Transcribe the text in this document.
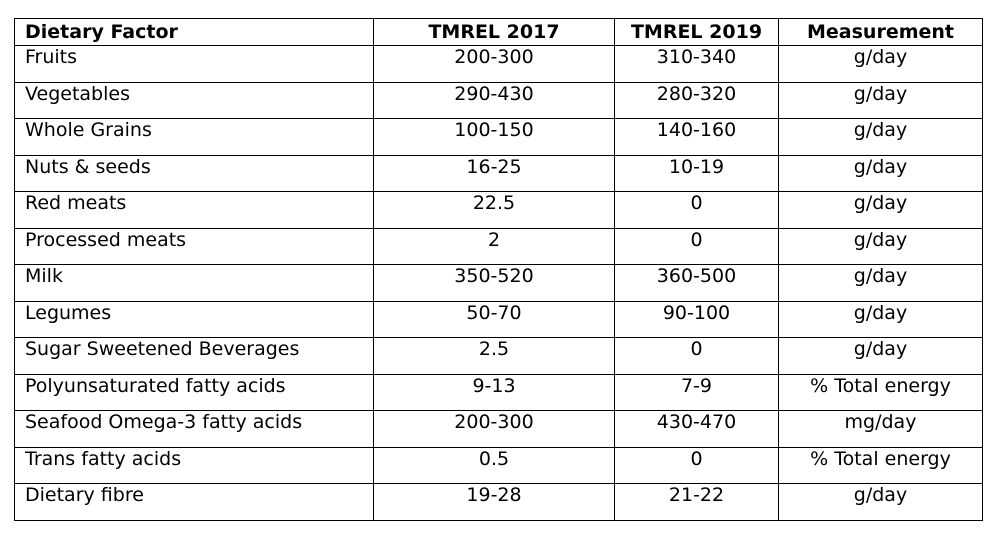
Dietary Factor	TMREL 2017	TMREL 2019	Measurement
Fruits	200-300	310-340	g/day
Vegetables	290-430	280-320	g/day
Whole Grains	100-150	140-160	g/day
Nuts & seeds	16-25	10-19	g/day
Red meats	22.5	0	g/day
Processed meats	2	0	g/day
Milk	350-520	360-500	g/day
Legumes	50-70	90-100	g/day
Sugar Sweetened Beverages	2.5	0	g/day
Polyunsaturated fatty acids	9-13	7-9	% Total energy
Seafood Omega-3 fatty acids	200-300	430-470	mg/day
Trans fatty acids	0.5	0	% Total energy
Dietary fibre	19-28	21-22	g/day
